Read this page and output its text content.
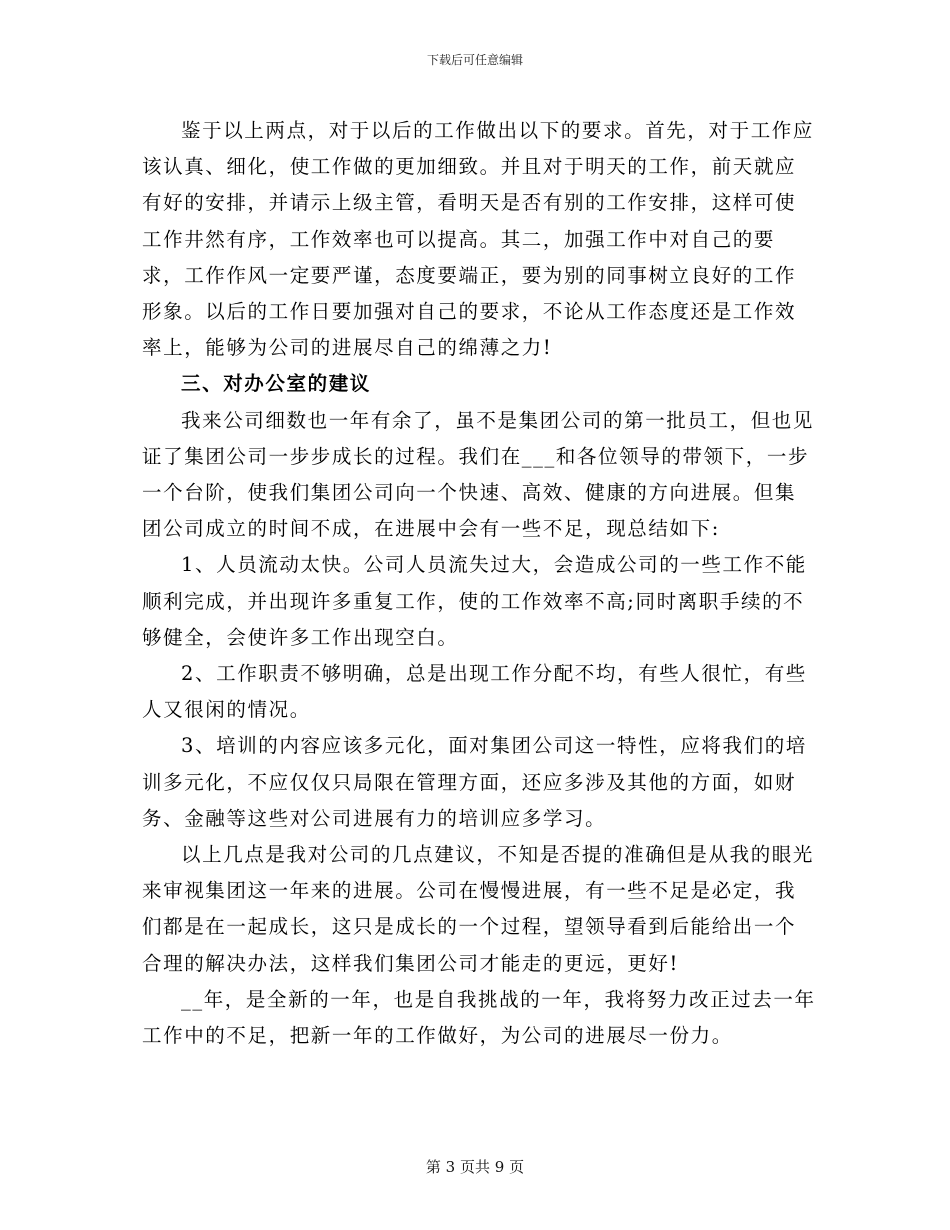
下载后可任意编辑

鉴于以上两点，对于以后的工作做出以下的要求。首先，对于工作应该认真、细化，使工作做的更加细致。并且对于明天的工作，前天就应有好的安排，并请示上级主管，看明天是否有别的工作安排，这样可使工作井然有序，工作效率也可以提高。其二，加强工作中对自己的要求，工作作风一定要严谨，态度要端正，要为别的同事树立良好的工作形象。以后的工作日要加强对自己的要求，不论从工作态度还是工作效率上，能够为公司的进展尽自己的绵薄之力!

三、对办公室的建议

我来公司细数也一年有余了，虽不是集团公司的第一批员工，但也见证了集团公司一步步成长的过程。我们在___和各位领导的带领下，一步一个台阶，使我们集团公司向一个快速、高效、健康的方向进展。但集团公司成立的时间不成，在进展中会有一些不足，现总结如下:

1、人员流动太快。公司人员流失过大，会造成公司的一些工作不能顺利完成，并出现许多重复工作，使的工作效率不高;同时离职手续的不够健全，会使许多工作出现空白。

2、工作职责不够明确，总是出现工作分配不均，有些人很忙，有些人又很闲的情况。

3、培训的内容应该多元化，面对集团公司这一特性，应将我们的培训多元化，不应仅仅只局限在管理方面，还应多涉及其他的方面，如财务、金融等这些对公司进展有力的培训应多学习。

以上几点是我对公司的几点建议，不知是否提的准确但是从我的眼光来审视集团这一年来的进展。公司在慢慢进展，有一些不足是必定，我们都是在一起成长，这只是成长的一个过程，望领导看到后能给出一个合理的解决办法，这样我们集团公司才能走的更远，更好!

__年，是全新的一年，也是自我挑战的一年，我将努力改正过去一年工作中的不足，把新一年的工作做好，为公司的进展尽一份力。

第 3 页共 9 页
